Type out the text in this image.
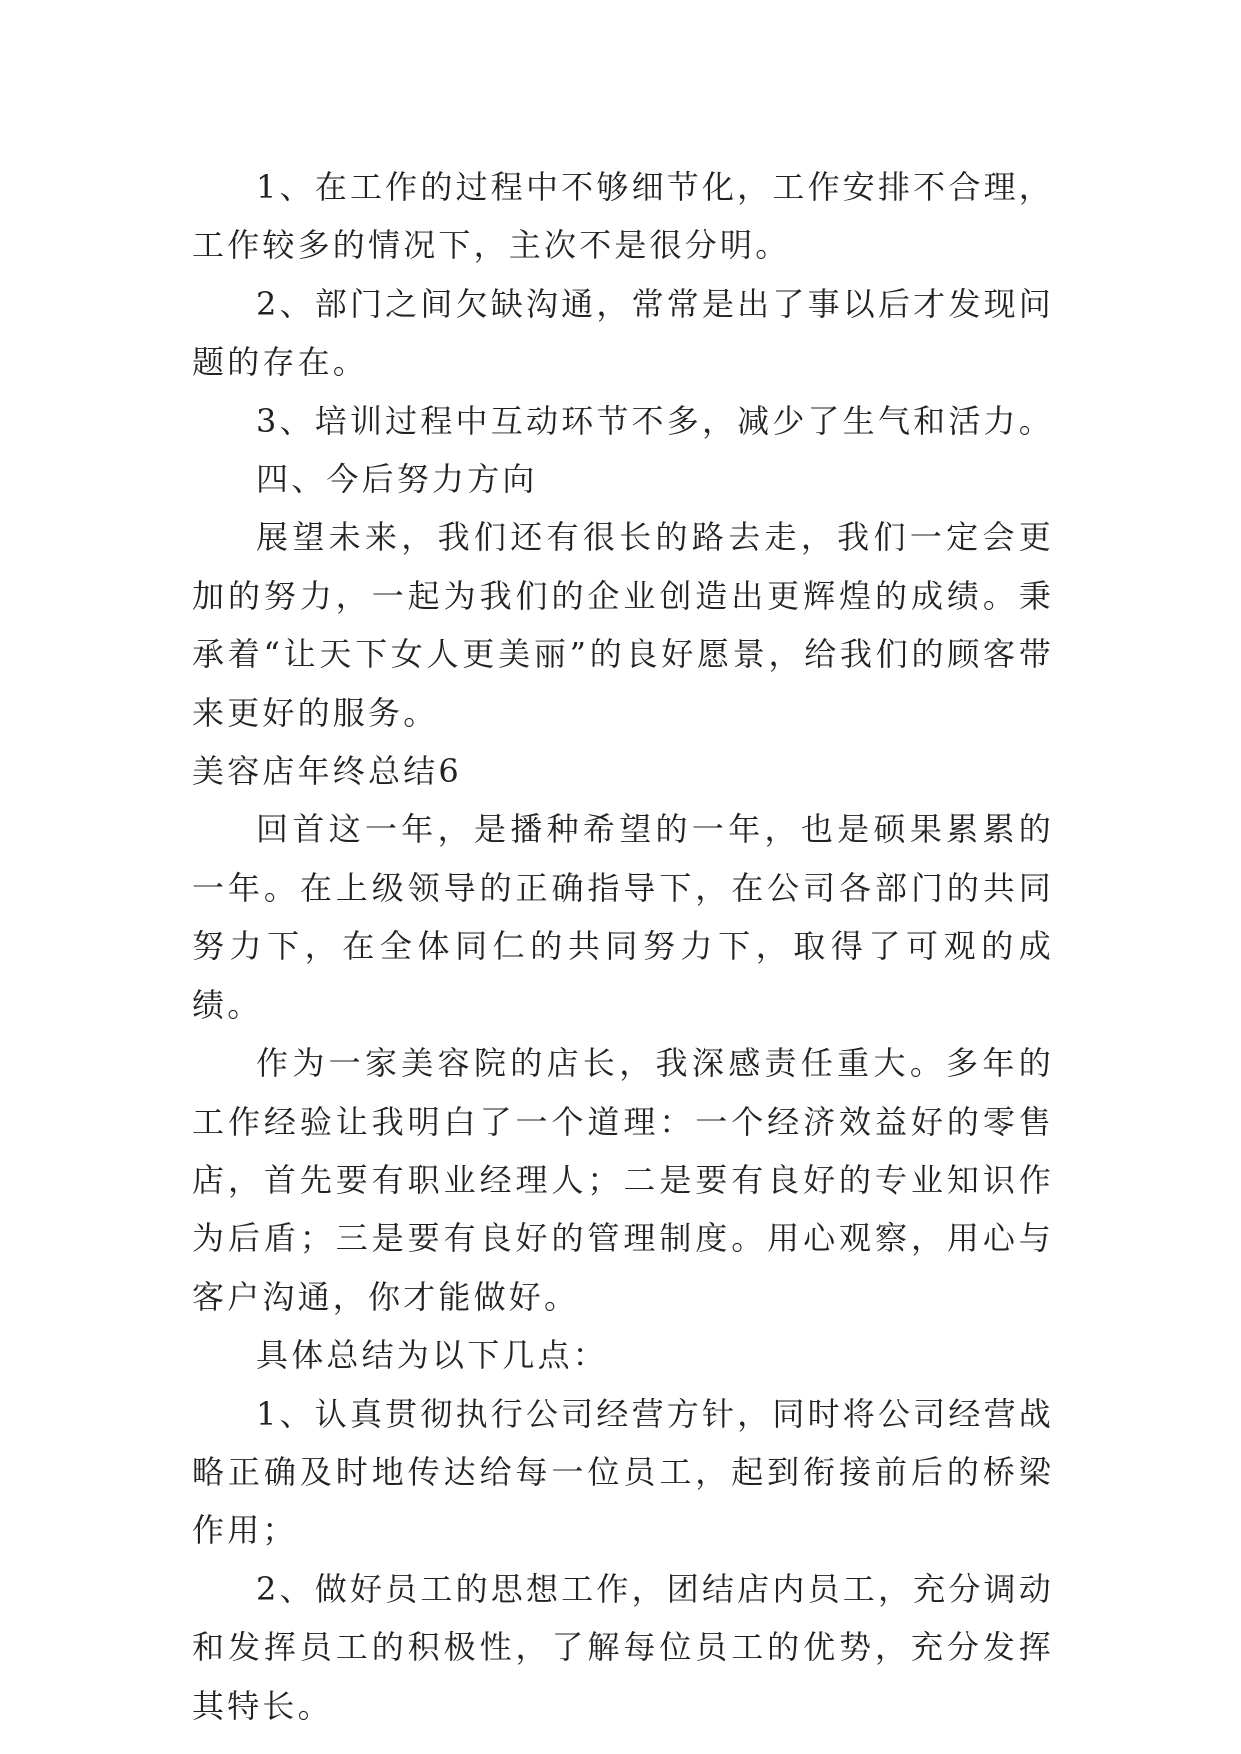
1、在工作的过程中不够细节化，工作安排不合理，工作较多的情况下，主次不是很分明。

2、部门之间欠缺沟通，常常是出了事以后才发现问题的存在。

3、培训过程中互动环节不多，减少了生气和活力。

四、今后努力方向

展望未来，我们还有很长的路去走，我们一定会更加的努力，一起为我们的企业创造出更辉煌的成绩。秉承着“让天下女人更美丽”的良好愿景，给我们的顾客带来更好的服务。

美容店年终总结6

回首这一年，是播种希望的一年，也是硕果累累的一年。在上级领导的正确指导下，在公司各部门的共同努力下，在全体同仁的共同努力下，取得了可观的成绩。

作为一家美容院的店长，我深感责任重大。多年的工作经验让我明白了一个道理：一个经济效益好的零售店，首先要有职业经理人；二是要有良好的专业知识作为后盾；三是要有良好的管理制度。用心观察，用心与客户沟通，你才能做好。

具体总结为以下几点：

1、认真贯彻执行公司经营方针，同时将公司经营战略正确及时地传达给每一位员工，起到衔接前后的桥梁作用；

2、做好员工的思想工作，团结店内员工，充分调动和发挥员工的积极性，了解每位员工的优势，充分发挥其特长。
